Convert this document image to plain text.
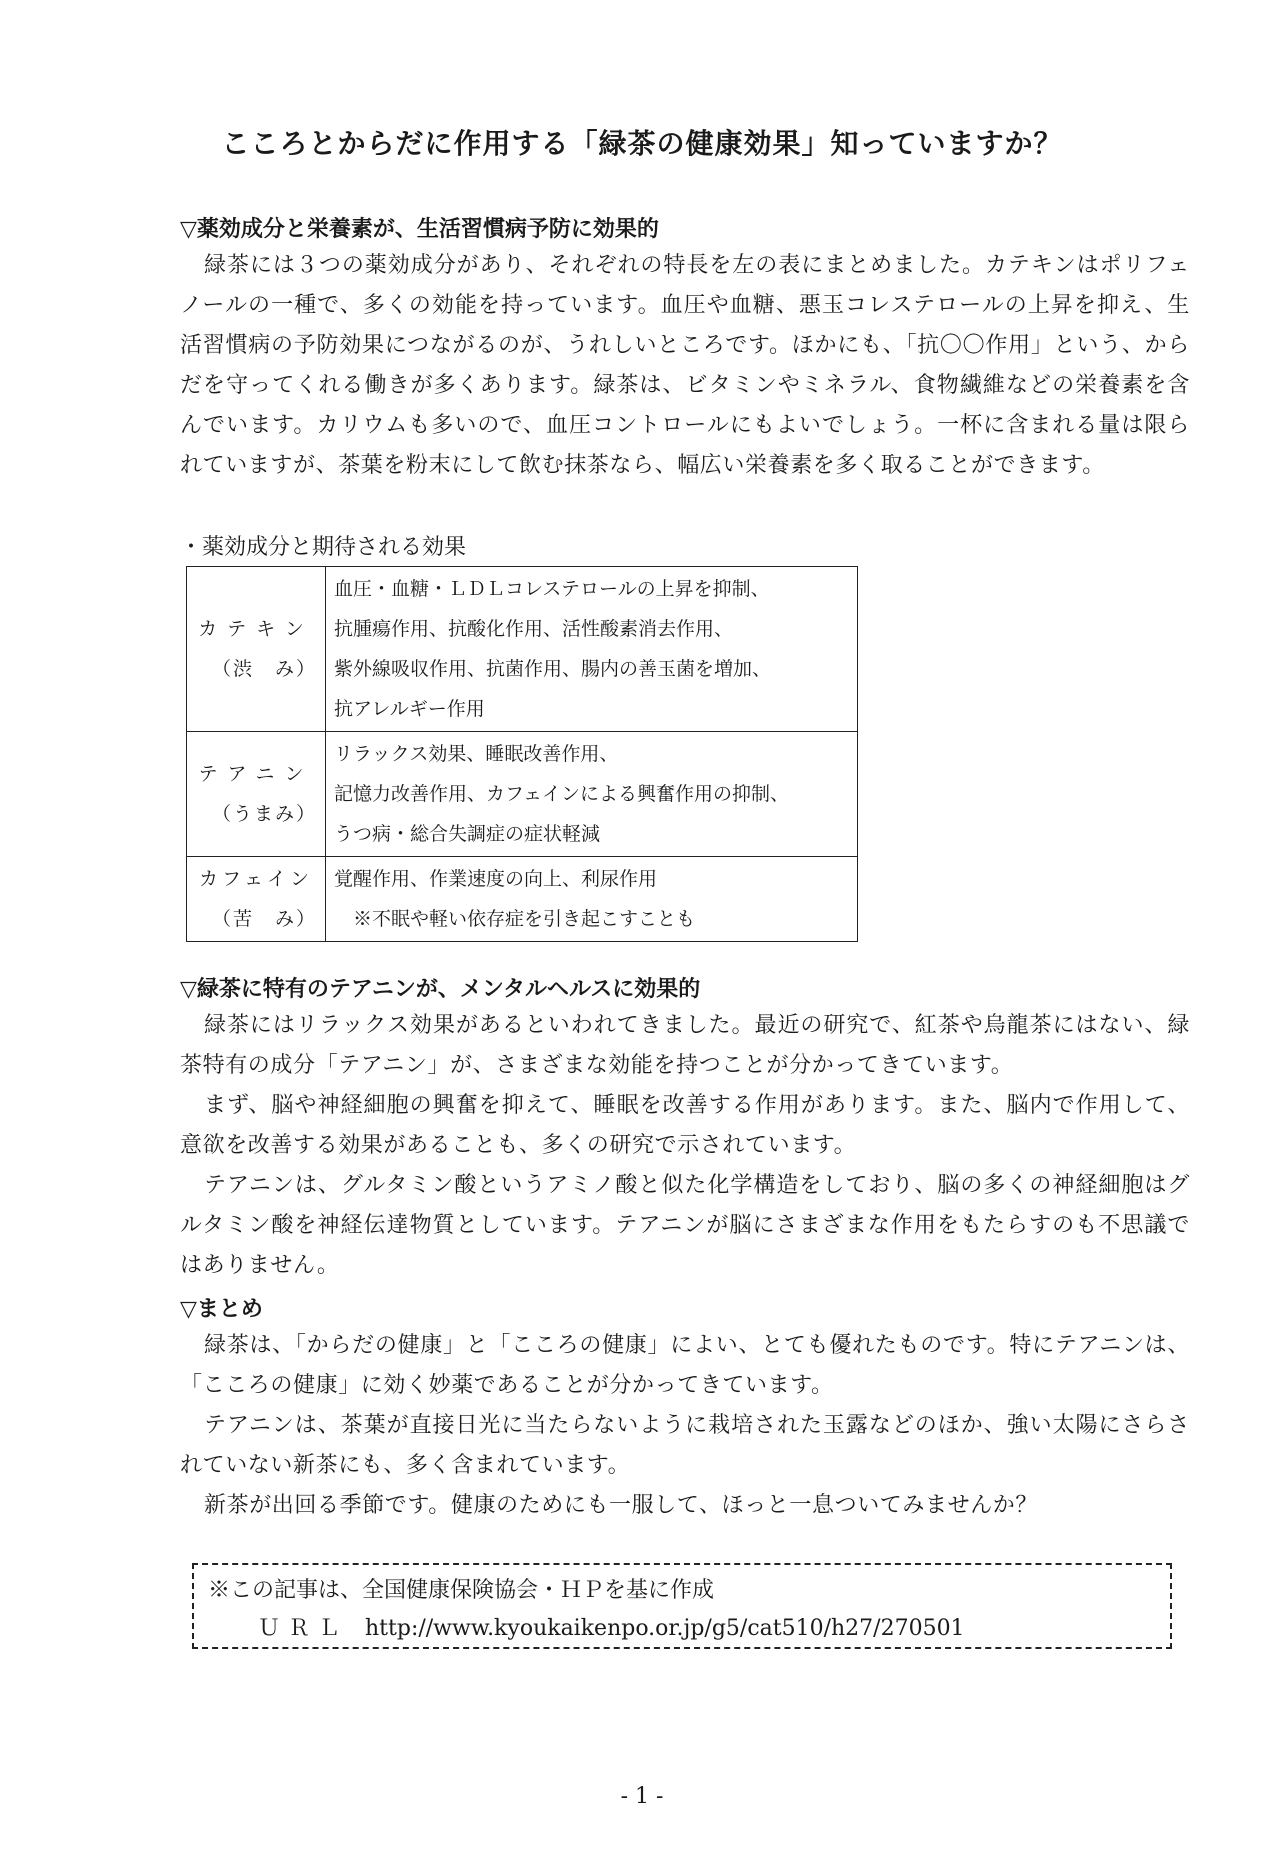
こころとからだに作用する「緑茶の健康効果」知っていますか？
▽薬効成分と栄養素が、生活習慣病予防に効果的
緑茶には３つの薬効成分があり、それぞれの特長を左の表にまとめました。カテキンはポリフェノールの一種で、多くの効能を持っています。血圧や血糖、悪玉コレステロールの上昇を抑え、生活習慣病の予防効果につながるのが、うれしいところです。ほかにも、「抗〇〇作用」という、からだを守ってくれる働きが多くあります。緑茶は、ビタミンやミネラル、食物繊維などの栄養素を含んでいます。カリウムも多いので、血圧コントロールにもよいでしょう。一杯に含まれる量は限られていますが、茶葉を粉末にして飲む抹茶なら、幅広い栄養素を多く取ることができます。
・薬効成分と期待される効果
カテキン
（渋　み）	血圧・血糖・ＬＤＬコレステロールの上昇を抑制、
抗腫瘍作用、抗酸化作用、活性酸素消去作用、
紫外線吸収作用、抗菌作用、腸内の善玉菌を増加、
抗アレルギー作用

テアニン
（うまみ）	リラックス効果、睡眠改善作用、
記憶力改善作用、カフェインによる興奮作用の抑制、
うつ病・総合失調症の症状軽減

カフェイン
（苦　み）	覚醒作用、作業速度の向上、利尿作用
　※不眠や軽い依存症を引き起こすことも
▽緑茶に特有のテアニンが、メンタルヘルスに効果的
緑茶にはリラックス効果があるといわれてきました。最近の研究で、紅茶や烏龍茶にはない、緑茶特有の成分「テアニン」が、さまざまな効能を持つことが分かってきています。
まず、脳や神経細胞の興奮を抑えて、睡眠を改善する作用があります。また、脳内で作用して、意欲を改善する効果があることも、多くの研究で示されています。
テアニンは、グルタミン酸というアミノ酸と似た化学構造をしており、脳の多くの神経細胞はグルタミン酸を神経伝達物質としています。テアニンが脳にさまざまな作用をもたらすのも不思議ではありません。
▽まとめ
緑茶は、「からだの健康」と「こころの健康」によい、とても優れたものです。特にテアニンは、「こころの健康」に効く妙薬であることが分かってきています。
テアニンは、茶葉が直接日光に当たらないように栽培された玉露などのほか、強い太陽にさらされていない新茶にも、多く含まれています。
新茶が出回る季節です。健康のためにも一服して、ほっと一息ついてみませんか？
※この記事は、全国健康保険協会・ＨＰを基に作成
ＵＲＬ http://www.kyoukaikenpo.or.jp/g5/cat510/h27/270501
- 1 -
